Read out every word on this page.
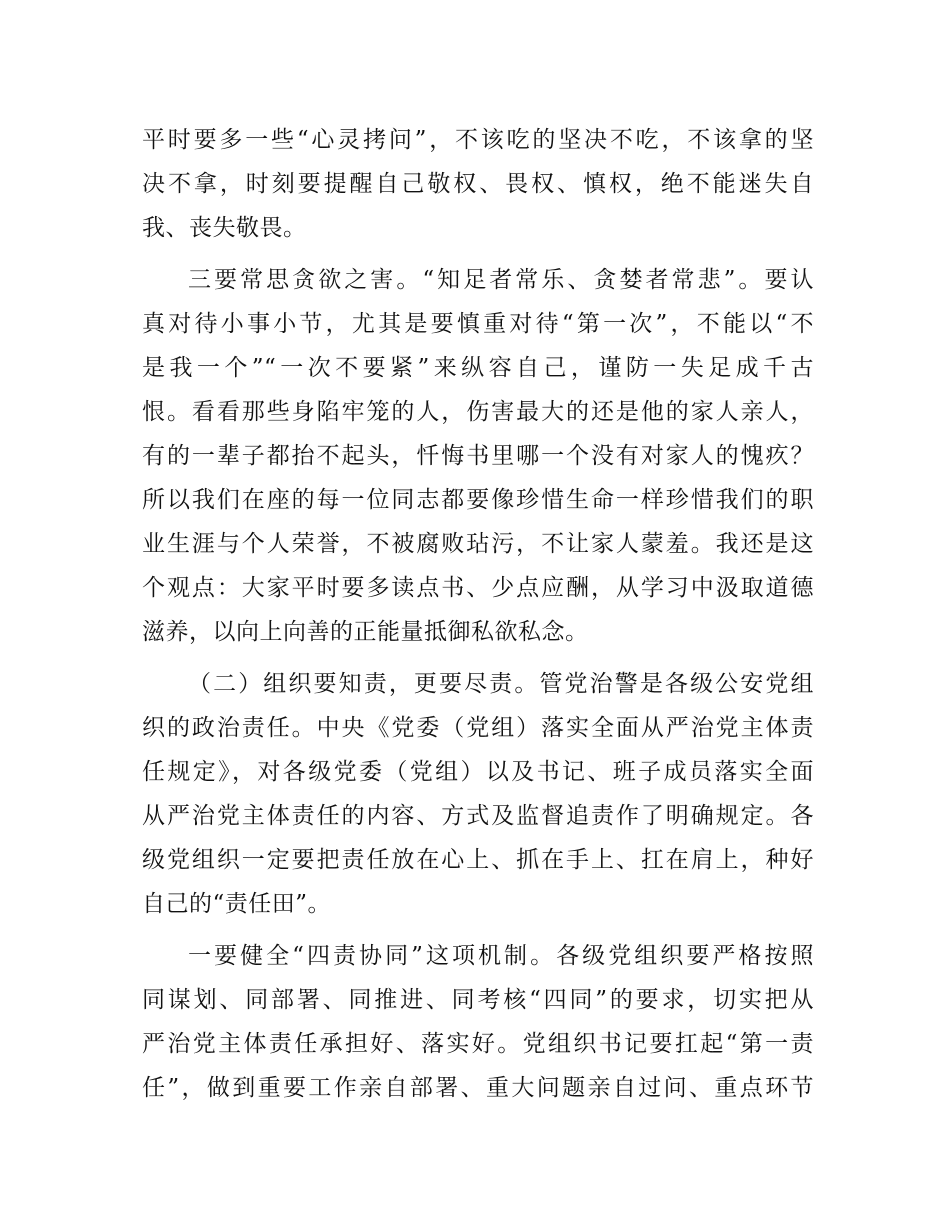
平时要多一些“心灵拷问”，不该吃的坚决不吃，不该拿的坚
决不拿，时刻要提醒自己敬权、畏权、慎权，绝不能迷失自
我、丧失敬畏。
三要常思贪欲之害。“知足者常乐、贪婪者常悲”。要认
真对待小事小节，尤其是要慎重对待“第一次”，不能以“不
是我一个”“一次不要紧”来纵容自己，谨防一失足成千古
恨。看看那些身陷牢笼的人，伤害最大的还是他的家人亲人，
有的一辈子都抬不起头，忏悔书里哪一个没有对家人的愧疚？
所以我们在座的每一位同志都要像珍惜生命一样珍惜我们的职
业生涯与个人荣誉，不被腐败玷污，不让家人蒙羞。我还是这
个观点：大家平时要多读点书、少点应酬，从学习中汲取道德
滋养，以向上向善的正能量抵御私欲私念。
（二）组织要知责，更要尽责。管党治警是各级公安党组
织的政治责任。中央《党委（党组）落实全面从严治党主体责
任规定》，对各级党委（党组）以及书记、班子成员落实全面
从严治党主体责任的内容、方式及监督追责作了明确规定。各
级党组织一定要把责任放在心上、抓在手上、扛在肩上，种好
自己的“责任田”。
一要健全“四责协同”这项机制。各级党组织要严格按照
同谋划、同部署、同推进、同考核“四同”的要求，切实把从
严治党主体责任承担好、落实好。党组织书记要扛起“第一责
任”，做到重要工作亲自部署、重大问题亲自过问、重点环节
